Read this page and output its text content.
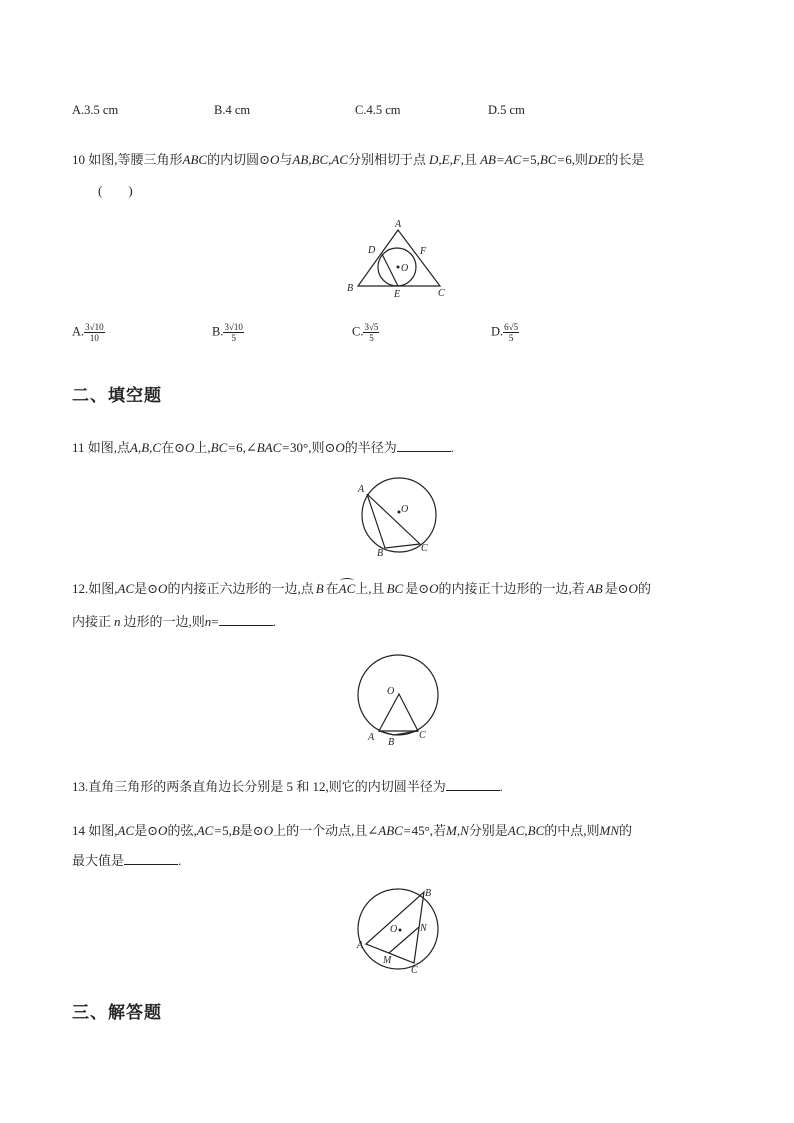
A.3.5 cm	B.4 cm	C.4.5 cm	D.5 cm
10 如图,等腰三角形ABC的内切圆⊙O与AB,BC,AC分别相切于点 D,E,F,且 AB=AC=5,BC=6,则DE的长是
(　　)
A
B	C
D
E
F
O
A. $\frac{3√10}{10}$	B. $\frac{3√10}{5}$	C. $\frac{3√5}{5}$	D. $\frac{6√5}{5}$
二、填空题
11 如图,点A,B,C在⊙O上,BC=6,∠BAC=30°,则⊙O的半径为	.
A
B	C
O
12.如图,AC是⊙O的内接正六边形的一边,点 B 在AC上,且 BC 是⊙O的内接正十边形的一边,若 AB 是⊙O的
内接正 n 边形的一边,则n=	.
O
A B
C
13.直角三角形的两条直角边长分别是 5 和 12,则它的内切圆半径为	.
14 如图,AC是⊙O的弦,AC=5,B是⊙O上的一个动点,且∠ABC=45°,若M,N分别是AC,BC的中点,则MN的
最大值是	.
B
A
C
M
N
O
三、解答题
